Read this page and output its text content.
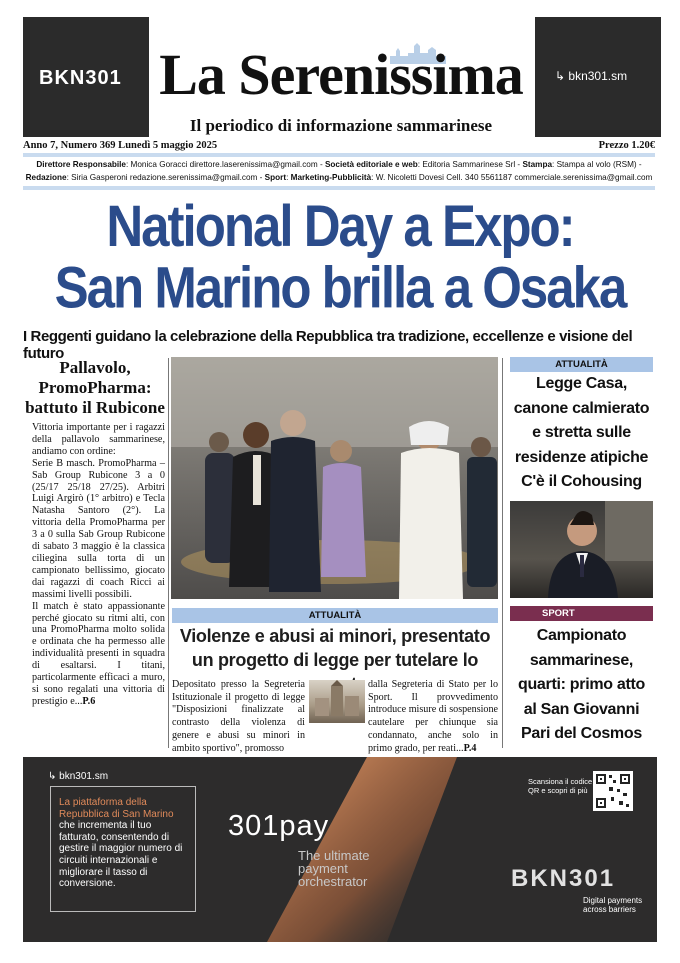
BKN301	↳ bkn301.sm
La Serenissima
Il periodico di informazione sammarinese
Anno 7, Numero 369 Lunedì 5 maggio 2025	Prezzo 1.20€
Direttore Responsabile: Monica Goracci direttore.laserenissima@gmail.com - Società editoriale e web: Editoria Sammarinese Srl - Stampa: Stampa al volo (RSM) -
Redazione: Siria Gasperoni redazione.serenissima@gmail.com - Sport: Marketing-Pubblicità: W. Nicoletti Dovesi Cell. 340 5561187 commerciale.serenissima@gmail.com
National Day a Expo:
San Marino brilla a Osaka
I Reggenti guidano la celebrazione della Repubblica tra tradizione, eccellenze e visione del futuro
Pallavolo, PromoPharma: battuto il Rubicone

Vittoria importante per i ragazzi della pallavolo sammarinese, andiamo con ordine:

Serie B masch. PromoPharma – Sab Group Rubicone 3 a 0 (25/17 25/18 27/25). Arbitri Luigi Argirò (1° arbitro) e Tecla Natasha Santoro (2°). La vittoria della PromoPharma per 3 a 0 sulla Sab Group Rubicone di sabato 3 maggio è la classica ciliegina sulla torta di un campionato bellissimo, giocato dai ragazzi di coach Ricci ai massimi livelli possibili.

Il match è stato appassionante perché giocato su ritmi alti, con una PromoPharma molto solida e ordinata che ha permesso alle individualità presenti in squadra di esaltarsi. I titani, particolarmente efficaci a muro, si sono regalati una vittoria di prestigio e...P.6

ATTUALITÀ
Violenze e abusi ai minori, presentato un progetto di legge per tutelare lo
Depositato presso la Segreteria Istituzionale il progetto di legge "Disposizioni finalizzate al contrasto della violenza di genere e abusi su minori in ambito sportivo", promosso
dalla Segreteria di Stato per lo Sport. Il provvedimento introduce misure di sospensione cautelare per chiunque sia condannato, anche solo in primo grado, per reati...P.4
ATTUALITÀ
Legge Casa, canone calmierato e stretta sulle residenze atipiche C'è il Cohousing
SPORT
Campionato sammarinese, quarti: primo atto al San Giovanni Pari del Cosmos
↳ bkn301.sm
La piattaforma della Repubblica di San Marino
che incrementa il tuo fatturato, consentendo di gestire il maggior numero di circuiti internazionali e migliorare il tasso di conversione.
301pay
The ultimate payment orchestrator
Scansiona il codice QR e scopri di più
BKN301
Digital payments across barriers
